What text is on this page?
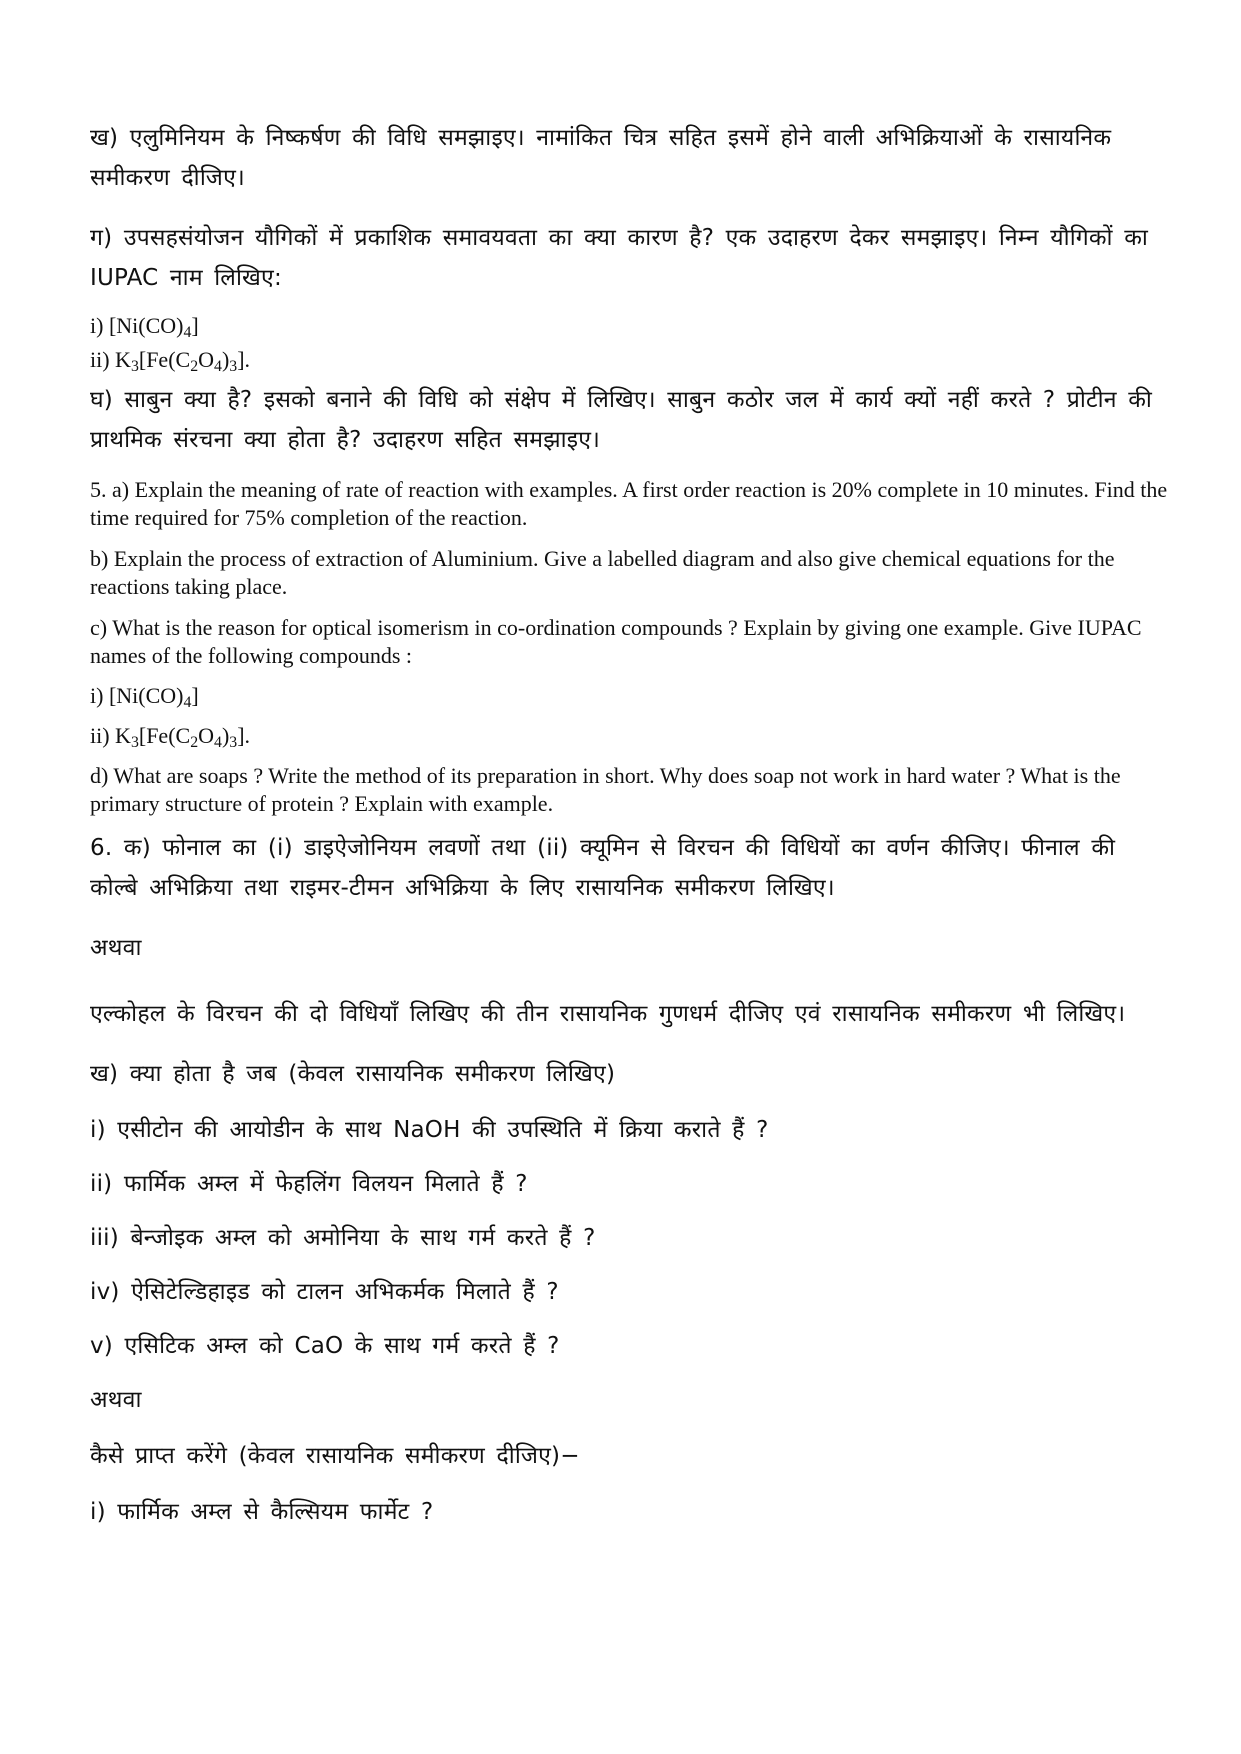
ख) एलुमिनियम के निष्कर्षण की विधि समझाइए। नामांकित चित्र सहित इसमें होने वाली अभिक्रियाओं के रासायनिक समीकरण दीजिए।

ग) उपसहसंयोजन यौगिकों में प्रकाशिक समावयवता का क्या कारण है? एक उदाहरण देकर समझाइए। निम्न यौगिकों का IUPAC नाम लिखिए:

i) $[Ni(CO)_4]$

ii) $K_3[Fe(C_2O_4)_3]$.

घ) साबुन क्या है? इसको बनाने की विधि को संक्षेप में लिखिए। साबुन कठोर जल में कार्य क्यों नहीं करते ? प्रोटीन की प्राथमिक संरचना क्या होता है? उदाहरण सहित समझाइए।

5. a) Explain the meaning of rate of reaction with examples. A first order reaction is 20% complete in 10 minutes. Find the time required for 75% completion of the reaction.

b) Explain the process of extraction of Aluminium. Give a labelled diagram and also give chemical equations for the reactions taking place.

c) What is the reason for optical isomerism in co-ordination compounds ? Explain by giving one example. Give IUPAC names of the following compounds :

i) $[Ni(CO)_4]$

ii) $K_3[Fe(C_2O_4)_3]$.

d) What are soaps ? Write the method of its preparation in short. Why does soap not work in hard water ? What is the primary structure of protein ? Explain with example.

6. क) फोनाल का (i) डाइऐजोनियम लवणों तथा (ii) क्यूमिन से विरचन की विधियों का वर्णन कीजिए। फीनाल की कोल्बे अभिक्रिया तथा राइमर-टीमन अभिक्रिया के लिए रासायनिक समीकरण लिखिए।

अथवा

एल्कोहल के विरचन की दो विधियाँ लिखिए की तीन रासायनिक गुणधर्म दीजिए एवं रासायनिक समीकरण भी लिखिए।

ख) क्या होता है जब (केवल रासायनिक समीकरण लिखिए)

i) एसीटोन की आयोडीन के साथ NaOH की उपस्थिति में क्रिया कराते हैं ?

ii) फार्मिक अम्ल में फेहलिंग विलयन मिलाते हैं ?

iii) बेन्जोइक अम्ल को अमोनिया के साथ गर्म करते हैं ?

iv) ऐसिटेल्डिहाइड को टालन अभिकर्मक मिलाते हैं ?

v) एसिटिक अम्ल को CaO के साथ गर्म करते हैं ?

अथवा

कैसे प्राप्त करेंगे (केवल रासायनिक समीकरण दीजिए)−

i) फार्मिक अम्ल से कैल्सियम फार्मेट ?
